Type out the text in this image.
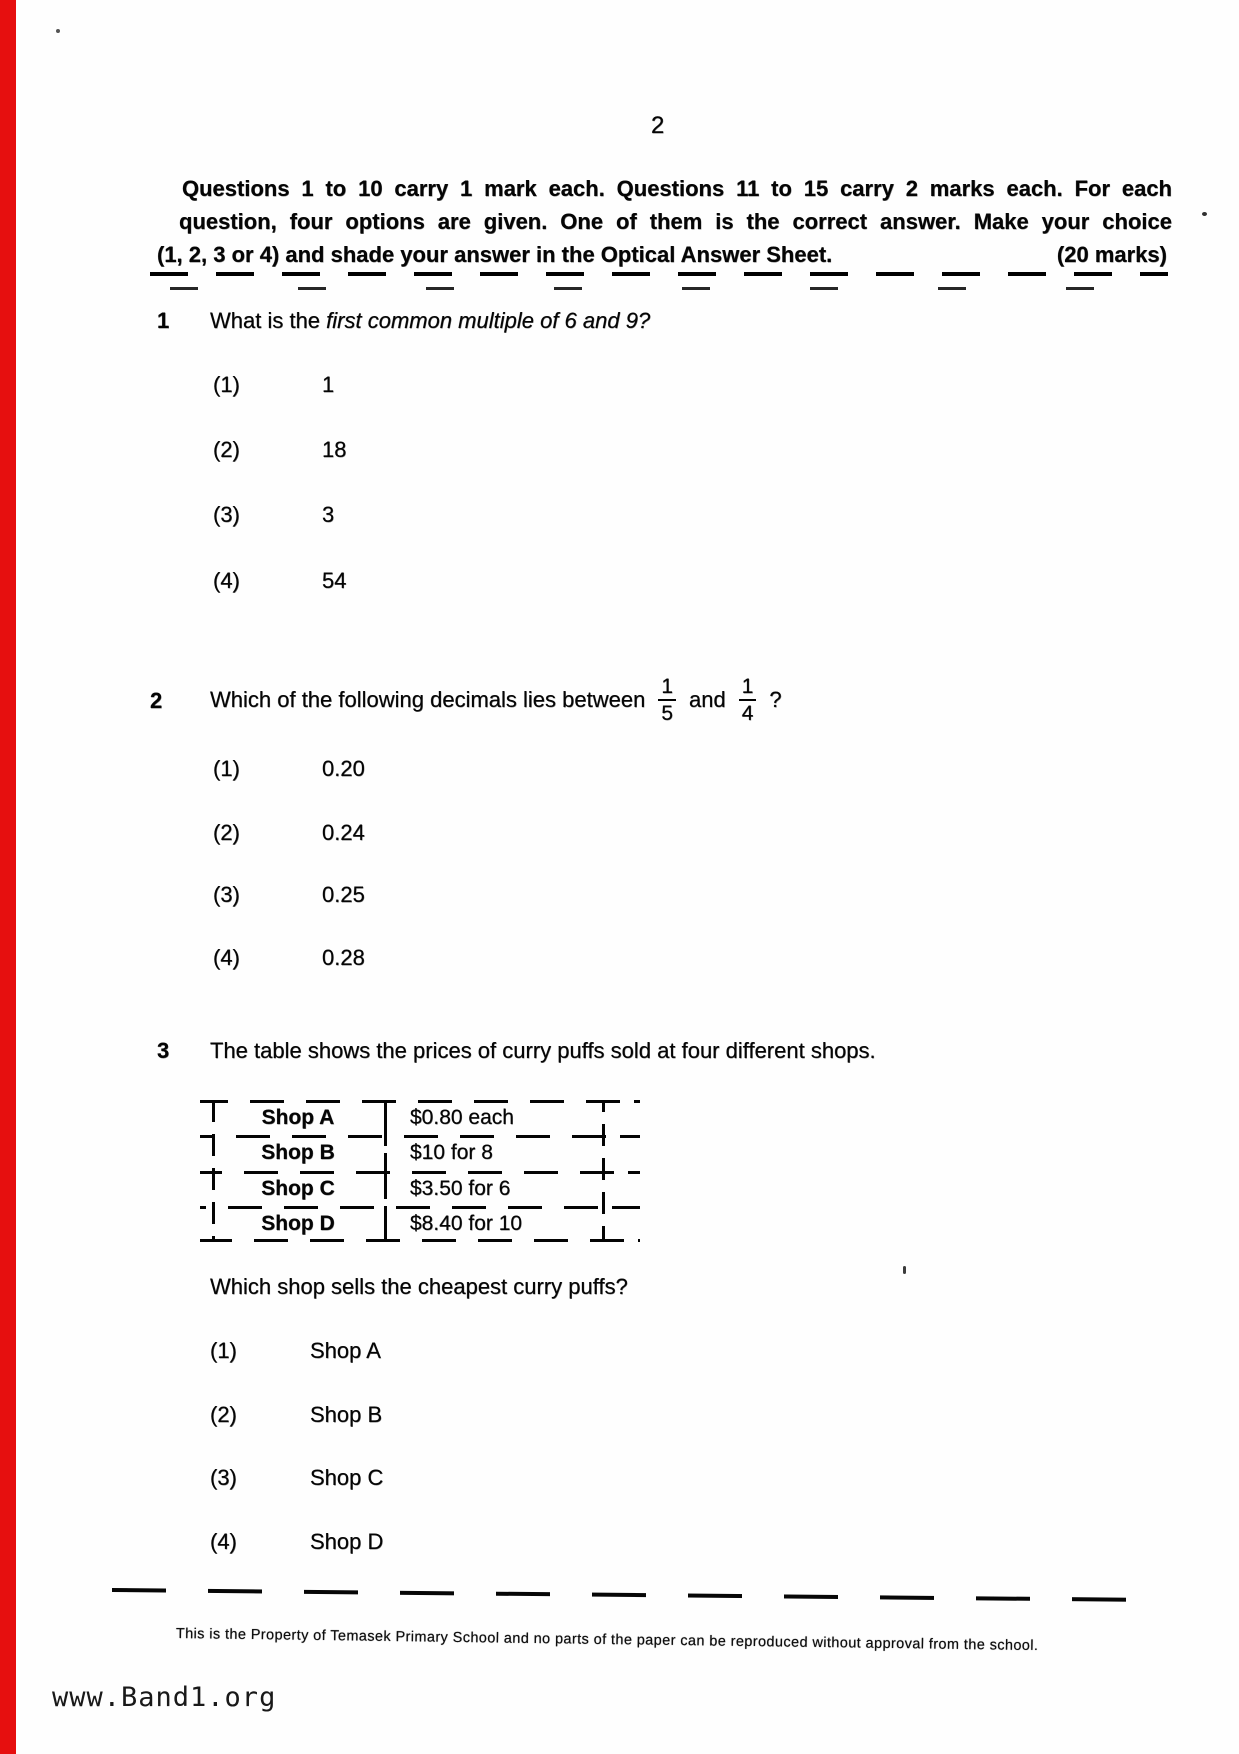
2
Questions 1 to 10 carry 1 mark each. Questions 11 to 15 carry 2 marks each. For each
question, four options are given. One of them is the correct answer. Make your choice
(1, 2, 3 or 4) and shade your answer in the Optical Answer Sheet.	(20 marks)
1 What is the first common multiple of 6 and 9?
(1)	1
(2)	18
(3)	3
(4)	54
2 Which of the following decimals lies between $\frac{1}{5}$ and $\frac{1}{4}$ ?
(1)	0.20
(2)	0.24
(3)	0.25
(4)	0.28
3 The table shows the prices of curry puffs sold at four different shops.
Shop A	$0.80 each
Shop B	$10 for 8
Shop C	$3.50 for 6
Shop D	$8.40 for 10
Which shop sells the cheapest curry puffs?
(1)	Shop A
(2)	Shop B
(3)	Shop C
(4)	Shop D
This is the Property of Temasek Primary School and no parts of the paper can be reproduced without approval from the school.
www.Band1.org
